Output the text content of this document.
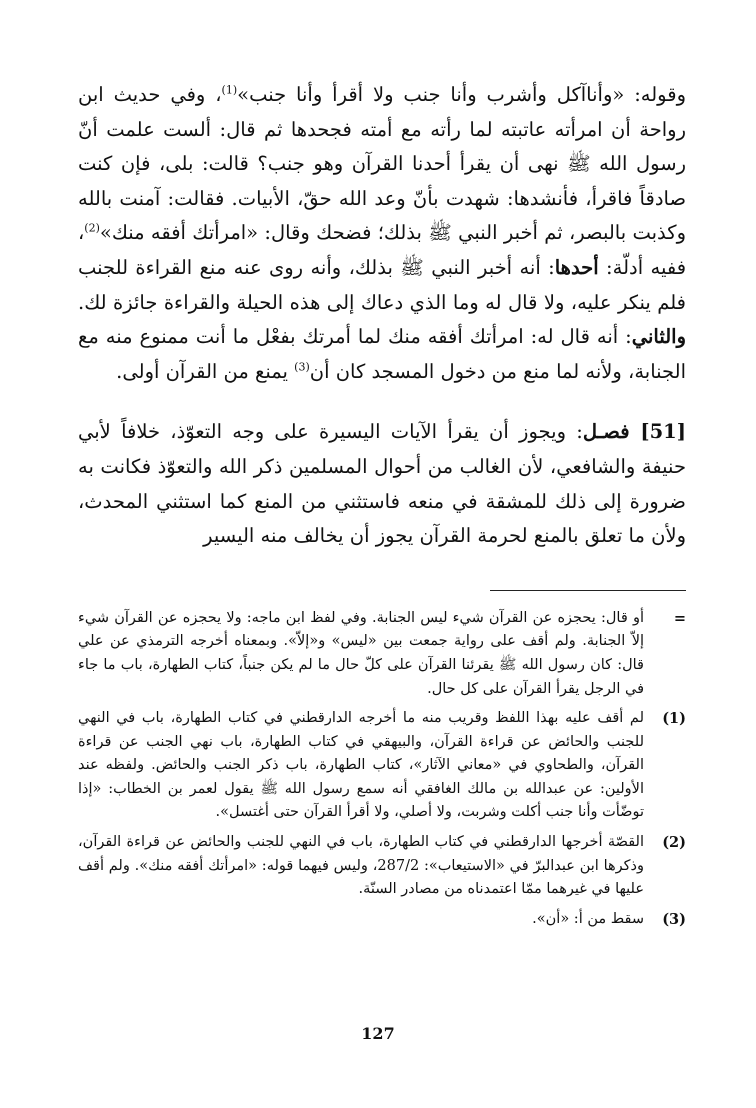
وقوله: «وأناآكل وأشرب وأنا جنب ولا أقرأ وأنا جنب»$^{(1)}$، وفي حديث ابن رواحة أن امرأته عاتبته لما رأته مع أمته فجحدها ثم قال: ألست علمت أنّ رسول الله ﷺ نهى أن يقرأ أحدنا القرآن وهو جنب؟ قالت: بلى، فإن كنت صادقاً فاقرأ، فأنشدها: شهدت بأنّ وعد الله حقّ، الأبيات. فقالت: آمنت بالله وكذبت بالبصر، ثم أخبر النبي ﷺ بذلك؛ فضحك وقال: «امرأتك أفقه منك»$^{(2)}$، ففيه أدلّة: أحدها: أنه أخبر النبي ﷺ بذلك، وأنه روى عنه منع القراءة للجنب فلم ينكر عليه، ولا قال له وما الذي دعاك إلى هذه الحيلة والقراءة جائزة لك. والثاني: أنه قال له: امرأتك أفقه منك لما أمرتك بفعْل ما أنت ممنوع منه مع الجنابة، ولأنه لما منع من دخول المسجد كان أن$^{(3)}$ يمنع من القرآن أولى.

[51] فصـل: ويجوز أن يقرأ الآيات اليسيرة على وجه التعوّذ، خلافاً لأبي حنيفة والشافعي، لأن الغالب من أحوال المسلمين ذكر الله والتعوّذ فكانت به ضرورة إلى ذلك للمشقة في منعه فاستثني من المنع كما استثني المحدث، ولأن ما تعلق بالمنع لحرمة القرآن يجوز أن يخالف منه اليسير

=
أو قال: يحجزه عن القرآن شيء ليس الجنابة. وفي لفظ ابن ماجه: ولا يحجزه عن القرآن شيء إلاّ الجنابة. ولم أقف على رواية جمعت بين «ليس» و«إلاّ». وبمعناه أخرجه الترمذي عن علي قال: كان رسول الله ﷺ يقرئنا القرآن على كلّ حال ما لم يكن جنباً، كتاب الطهارة، باب ما جاء في الرجل يقرأ القرآن على كل حال.
(1)
لم أقف عليه بهذا اللفظ وقريب منه ما أخرجه الدارقطني في كتاب الطهارة، باب في النهي للجنب والحائض عن قراءة القرآن، والبيهقي في كتاب الطهارة، باب نهي الجنب عن قراءة القرآن، والطحاوي في «معاني الآثار»، كتاب الطهارة، باب ذكر الجنب والحائض. ولفظه عند الأولين: عن عبدالله بن مالك الغافقي أنه سمع رسول الله ﷺ يقول لعمر بن الخطاب: «إذا توضّأت وأنا جنب أكلت وشربت، ولا أصلي، ولا أقرأ القرآن حتى أغتسل».
(2)
القصّة أخرجها الدارقطني في كتاب الطهارة، باب في النهي للجنب والحائض عن قراءة القرآن، وذكرها ابن عبدالبرّ في «الاستيعاب»: 287/2، وليس فيهما قوله: «امرأتك أفقه منك». ولم أقف عليها في غيرهما ممّا اعتمدناه من مصادر السنّة.
(3)
سقط من أ: «أن».
127
